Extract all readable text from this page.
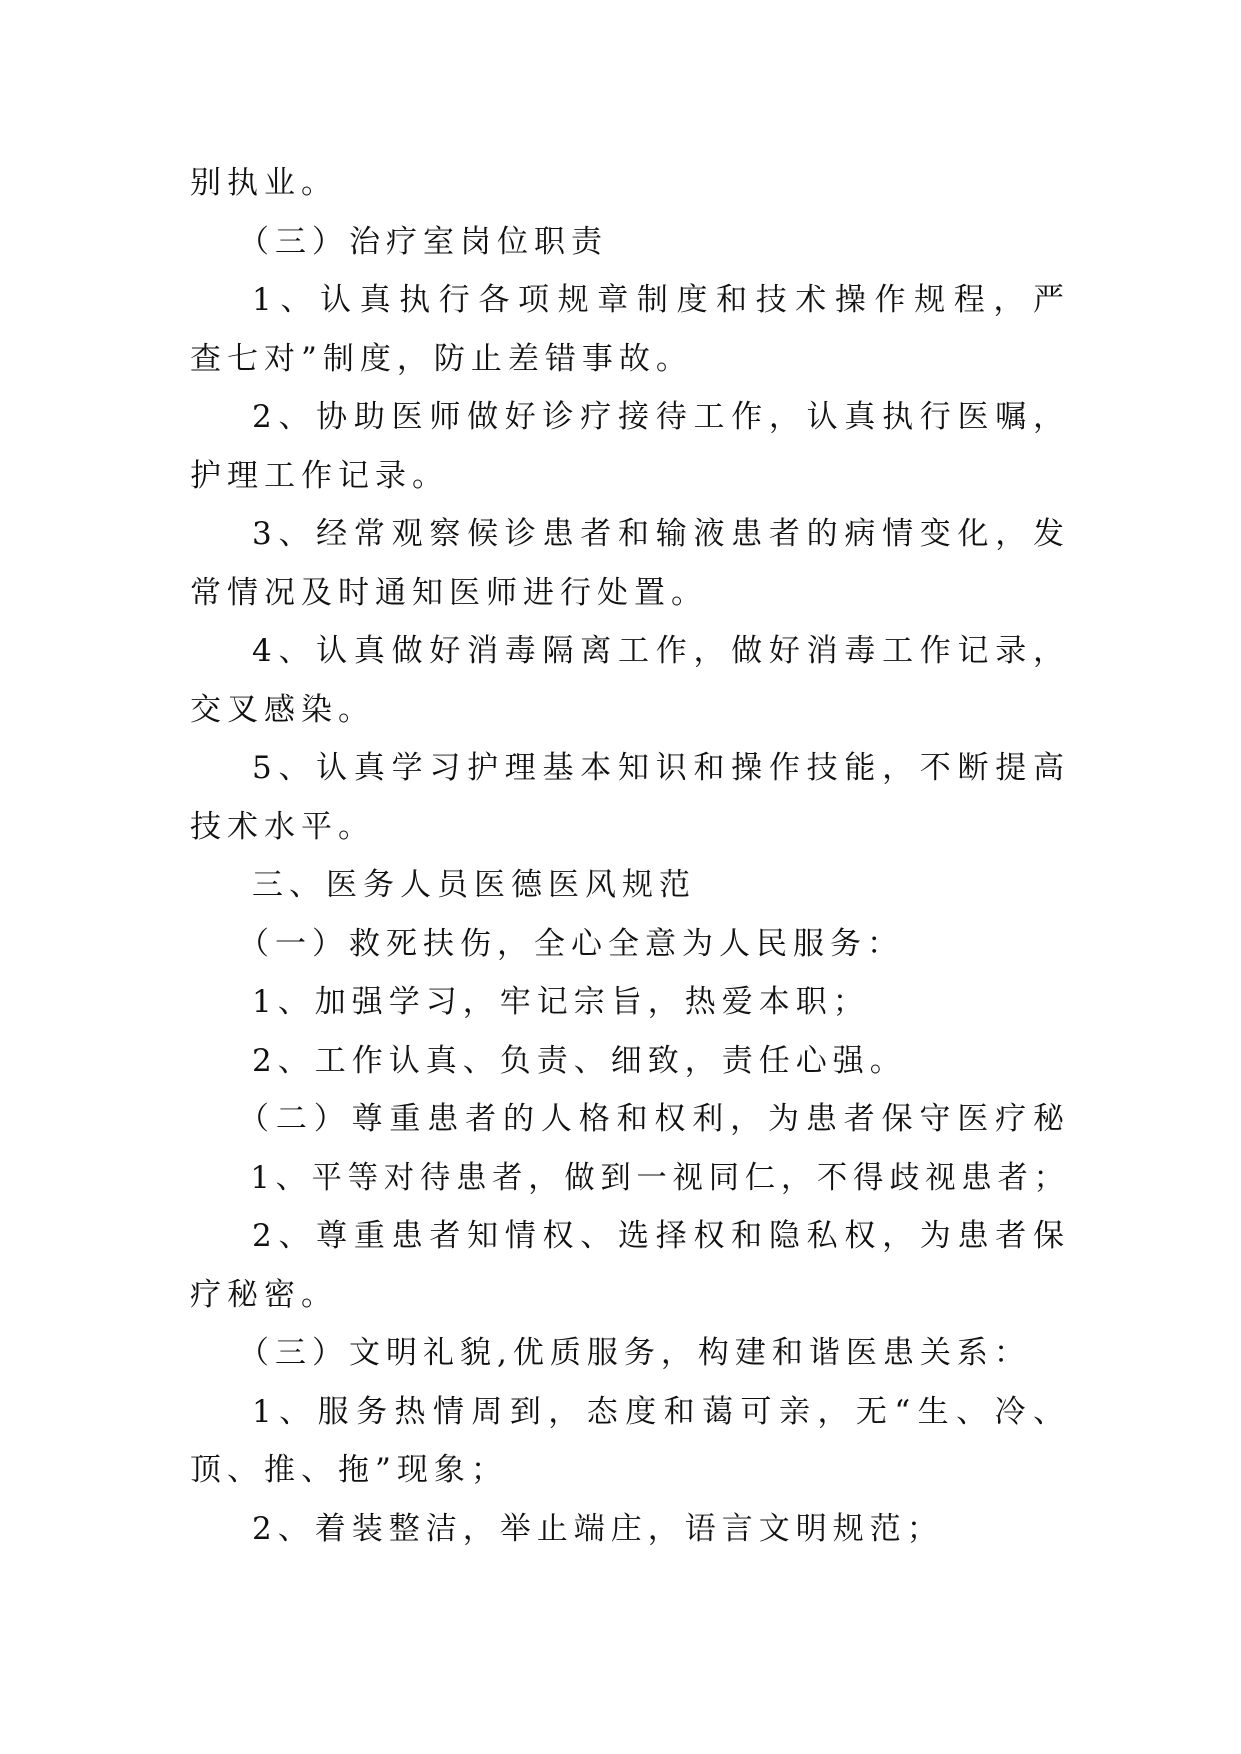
别执业。
（三）治疗室岗位职责
1、认真执行各项规章制度和技术操作规程，严
查七对”制度，防止差错事故。
2、协助医师做好诊疗接待工作，认真执行医嘱，
护理工作记录。
3、经常观察候诊患者和输液患者的病情变化，发
常情况及时通知医师进行处置。
4、认真做好消毒隔离工作，做好消毒工作记录，
交叉感染。
5、认真学习护理基本知识和操作技能，不断提高
技术水平。
三、医务人员医德医风规范
（一）救死扶伤，全心全意为人民服务：
1、加强学习，牢记宗旨，热爱本职；
2、工作认真、负责、细致，责任心强。
（二）尊重患者的人格和权利，为患者保守医疗秘
1、平等对待患者，做到一视同仁，不得歧视患者；
2、尊重患者知情权、选择权和隐私权，为患者保
疗秘密。
（三）文明礼貌,优质服务，构建和谐医患关系：
1、服务热情周到，态度和蔼可亲，无“生、冷、
顶、推、拖”现象；
2、着装整洁，举止端庄，语言文明规范；
